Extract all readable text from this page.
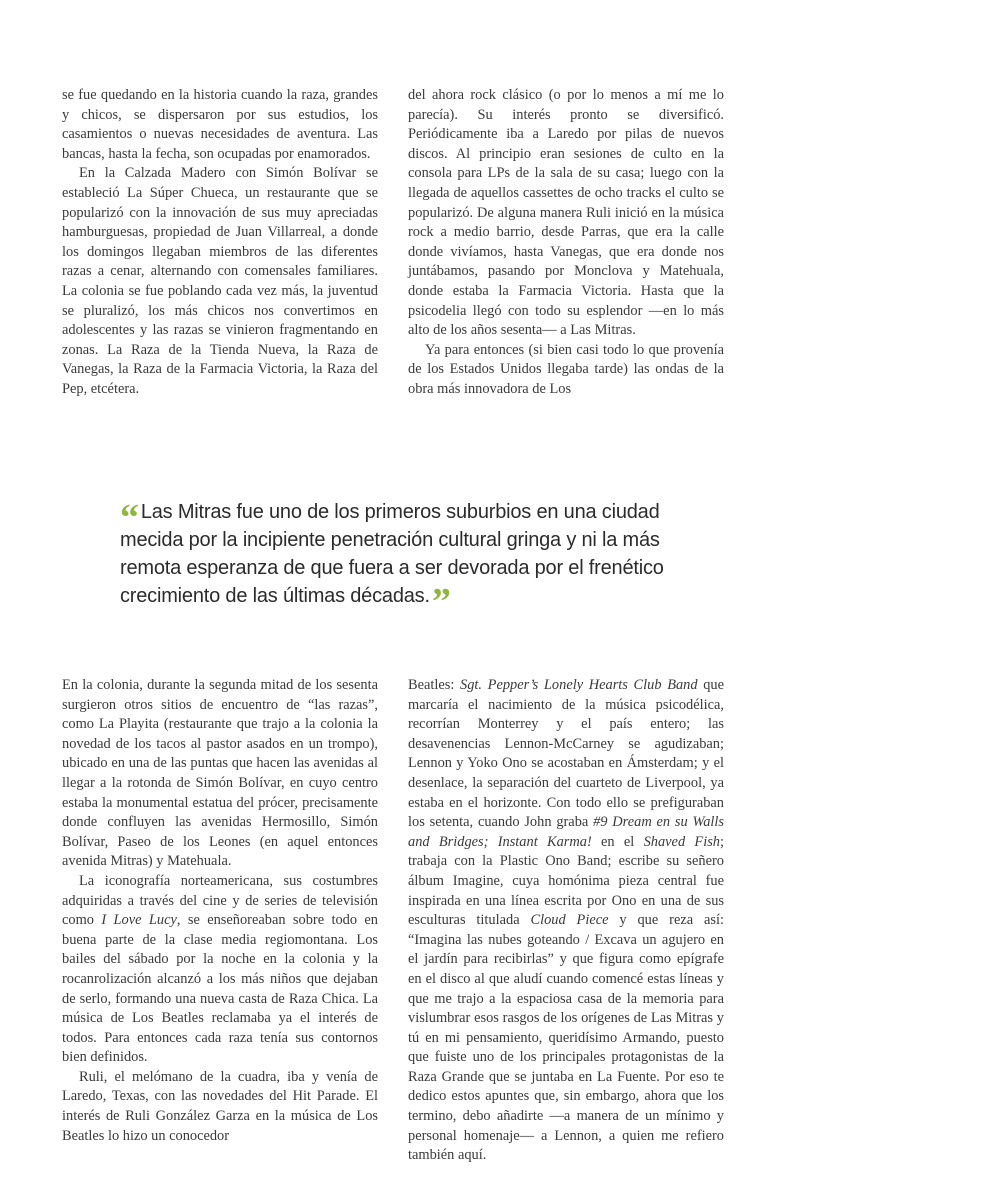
se fue quedando en la historia cuando la raza, grandes y chicos, se dispersaron por sus estudios, los casamientos o nuevas necesidades de aventura. Las bancas, hasta la fecha, son ocupadas por enamorados.

En la Calzada Madero con Simón Bolívar se estableció La Súper Chueca, un restaurante que se popularizó con la innovación de sus muy apreciadas hamburguesas, propiedad de Juan Villarreal, a donde los domingos llegaban miembros de las diferentes razas a cenar, alternando con comensales familiares. La colonia se fue poblando cada vez más, la juventud se pluralizó, los más chicos nos convertimos en adolescentes y las razas se vinieron fragmentando en zonas. La Raza de la Tienda Nueva, la Raza de Vanegas, la Raza de la Farmacia Victoria, la Raza del Pep, etcétera.

del ahora rock clásico (o por lo menos a mí me lo parecía). Su interés pronto se diversificó. Periódicamente iba a Laredo por pilas de nuevos discos. Al principio eran sesiones de culto en la consola para LPs de la sala de su casa; luego con la llegada de aquellos cassettes de ocho tracks el culto se popularizó. De alguna manera Ruli inició en la música rock a medio barrio, desde Parras, que era la calle donde vivíamos, hasta Vanegas, que era donde nos juntábamos, pasando por Monclova y Matehuala, donde estaba la Farmacia Victoria. Hasta que la psicodelia llegó con todo su esplendor —en lo más alto de los años sesenta— a Las Mitras.

Ya para entonces (si bien casi todo lo que provenía de los Estados Unidos llegaba tarde) las ondas de la obra más innovadora de Los

“ Las Mitras fue uno de los primeros suburbios en una ciudad mecida por la incipiente penetración cultural gringa y ni la más remota esperanza de que fuera a ser devorada por el frenético crecimiento de las últimas décadas.”

En la colonia, durante la segunda mitad de los sesenta surgieron otros sitios de encuentro de “las razas”, como La Playita (restaurante que trajo a la colonia la novedad de los tacos al pastor asados en un trompo), ubicado en una de las puntas que hacen las avenidas al llegar a la rotonda de Simón Bolívar, en cuyo centro estaba la monumental estatua del prócer, precisamente donde confluyen las avenidas Hermosillo, Simón Bolívar, Paseo de los Leones (en aquel entonces avenida Mitras) y Matehuala.

La iconografía norteamericana, sus costumbres adquiridas a través del cine y de series de televisión como I Love Lucy, se enseñoreaban sobre todo en buena parte de la clase media regiomontana. Los bailes del sábado por la noche en la colonia y la rocanrolización alcanzó a los más niños que dejaban de serlo, formando una nueva casta de Raza Chica. La música de Los Beatles reclamaba ya el interés de todos. Para entonces cada raza tenía sus contornos bien definidos.

Ruli, el melómano de la cuadra, iba y venía de Laredo, Texas, con las novedades del Hit Parade. El interés de Ruli González Garza en la música de Los Beatles lo hizo un conocedor

Beatles: Sgt. Pepper’s Lonely Hearts Club Band que marcaría el nacimiento de la música psicodélica, recorrían Monterrey y el país entero; las desavenencias Lennon-McCarney se agudizaban; Lennon y Yoko Ono se acostaban en Ámsterdam; y el desenlace, la separación del cuarteto de Liverpool, ya estaba en el horizonte. Con todo ello se prefiguraban los setenta, cuando John graba #9 Dream en su Walls and Bridges; Instant Karma! en el Shaved Fish; trabaja con la Plastic Ono Band; escribe su señero álbum Imagine, cuya homónima pieza central fue inspirada en una línea escrita por Ono en una de sus esculturas titulada Cloud Piece y que reza así: “Imagina las nubes goteando / Excava un agujero en el jardín para recibirlas” y que figura como epígrafe en el disco al que aludí cuando comencé estas líneas y que me trajo a la espaciosa casa de la memoria para vislumbrar esos rasgos de los orígenes de Las Mitras y tú en mi pensamiento, queridísimo Armando, puesto que fuiste uno de los principales protagonistas de la Raza Grande que se juntaba en La Fuente. Por eso te dedico estos apuntes que, sin embargo, ahora que los termino, debo añadirte —a manera de un mínimo y personal homenaje— a Lennon, a quien me refiero también aquí.
